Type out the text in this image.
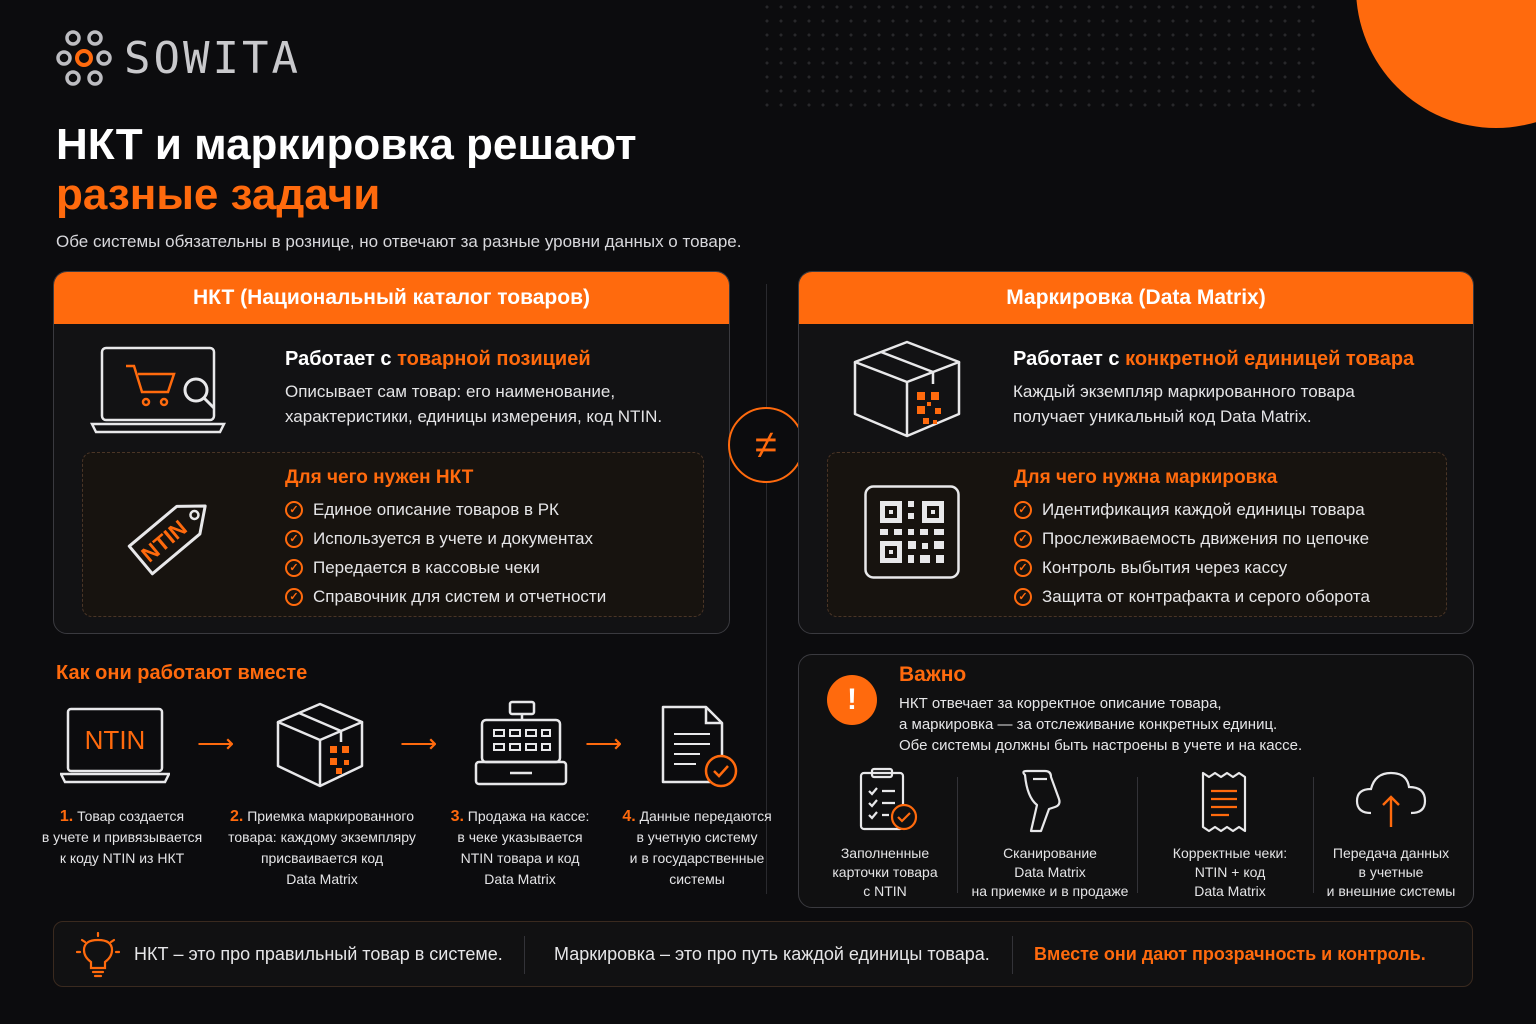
SOWITA
НКТ и маркировка решают
разные задачи
Обе системы обязательны в рознице, но отвечают за разные уровни данных о товаре.
НКТ (Национальный каталог товаров)
Работает с товарной позицией
Описывает сам товар: его наименование,
характеристики, единицы измерения, код NTIN.
NTIN
Для чего нужен НКТ
✓ Единое описание товаров в РК
✓ Используется в учете и документах
✓ Передается в кассовые чеки
✓ Справочник для систем и отчетности
≠
Маркировка (Data Matrix)
Работает с конкретной единицей товара
Каждый экземпляр маркированного товара
получает уникальный код Data Matrix.
Для чего нужна маркировка
✓ Идентификация каждой единицы товара
✓ Прослеживаемость движения по цепочке
✓ Контроль выбытия через кассу
✓ Защита от контрафакта и серого оборота
Как они работают вместе
NTIN ⟶	⟶	⟶
1. Товар создается
в учете и привязывается
к коду NTIN из НКТ
2. Приемка маркированного
товара: каждому экземпляру
присваивается код
Data Matrix
3. Продажа на кассе:
в чеке указывается
NTIN товара и код
Data Matrix
4. Данные передаются
в учетную систему
и в государственные
системы
!
Важно
НКТ отвечает за корректное описание товара,
а маркировка — за отслеживание конкретных единиц.
Обе системы должны быть настроены в учете и на кассе.
Заполненные
карточки товара
с NTIN
Сканирование
Data Matrix
на приемке и в продаже
Корректные чеки:
NTIN + код
Data Matrix
Передача данных
в учетные
и внешние системы
НКТ – это про правильный товар в системе.	Маркировка – это про путь каждой единицы товара. Вместе они дают прозрачность и контроль.
